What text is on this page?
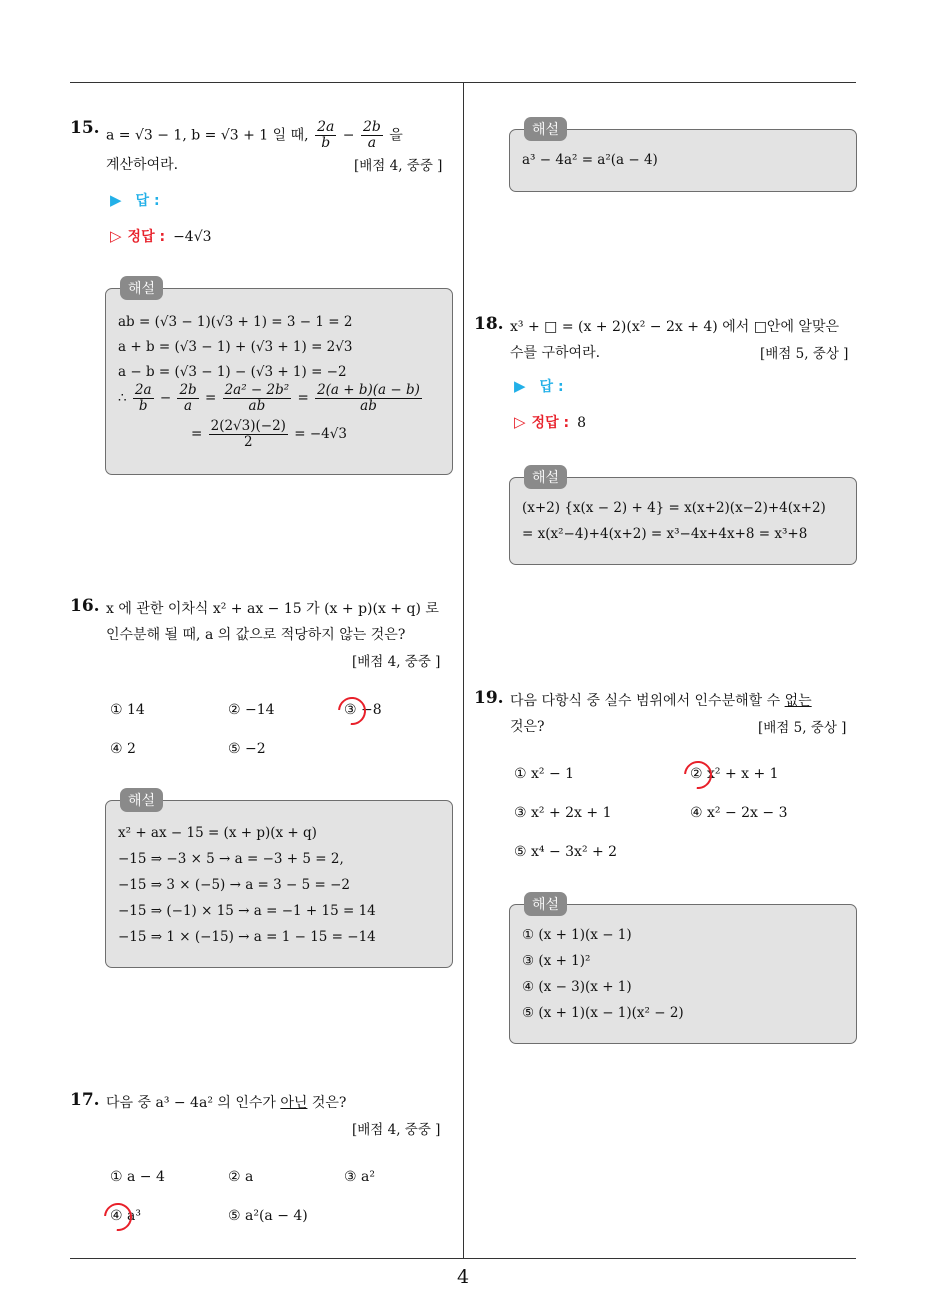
4
15. a = √3 − 1, b = √3 + 1 일 때, $\frac{2a}{b} - \frac{2b}{a}$ 을
계산하여라.	[배점 4, 중중 ]
▶ 답 :
▷ 정답 : −4√3
해설
ab = (√3 − 1)(√3 + 1) = 3 − 1 = 2
a + b = (√3 − 1) + (√3 + 1) = 2√3
a − b = (√3 − 1) − (√3 + 1) = −2
∴ $\frac{2a}{b} - \frac{2b}{a} = \frac{\text{2a² − 2b²}}{ab} = \frac{2(a + b)(a - b)}{ab}$
= $\frac{2(2√3)(-2)}{2} = -4√3$
16. x 에 관한 이차식 x² + ax − 15 가 (x + p)(x + q) 로
인수분해 될 때, a 의 값으로 적당하지 않는 것은?
[배점 4, 중중 ]
① 14	② −14	③ −8
④ 2	⑤ −2
해설
x² + ax − 15 = (x + p)(x + q)
−15 ⇒ −3 × 5 → a = −3 + 5 = 2,
−15 ⇒ 3 × (−5) → a = 3 − 5 = −2
−15 ⇒ (−1) × 15 → a = −1 + 15 = 14
−15 ⇒ 1 × (−15) → a = 1 − 15 = −14
17. 다음 중 a³ − 4a² 의 인수가 아닌 것은?
[배점 4, 중중 ]
① a − 4	② a	③ a²
④ a³	⑤ a²(a − 4)
해설
a³ − 4a² = a²(a − 4)
18. x³ + □ = (x + 2)(x² − 2x + 4) 에서 □안에 알맞은
수를 구하여라.	[배점 5, 중상 ]
▶ 답 :
▷ 정답 : 8
해설
(x+2) {x(x − 2) + 4} = x(x+2)(x−2)+4(x+2)
= x(x²−4)+4(x+2) = x³−4x+4x+8 = x³+8
19. 다음 다항식 중 실수 범위에서 인수분해할 수 없는
것은?	[배점 5, 중상 ]
① x² − 1	② x² + x + 1
③ x² + 2x + 1	④ x² − 2x − 3
⑤ x⁴ − 3x² + 2
해설
① (x + 1)(x − 1)
③ (x + 1)²
④ (x − 3)(x + 1)
⑤ (x + 1)(x − 1)(x² − 2)
